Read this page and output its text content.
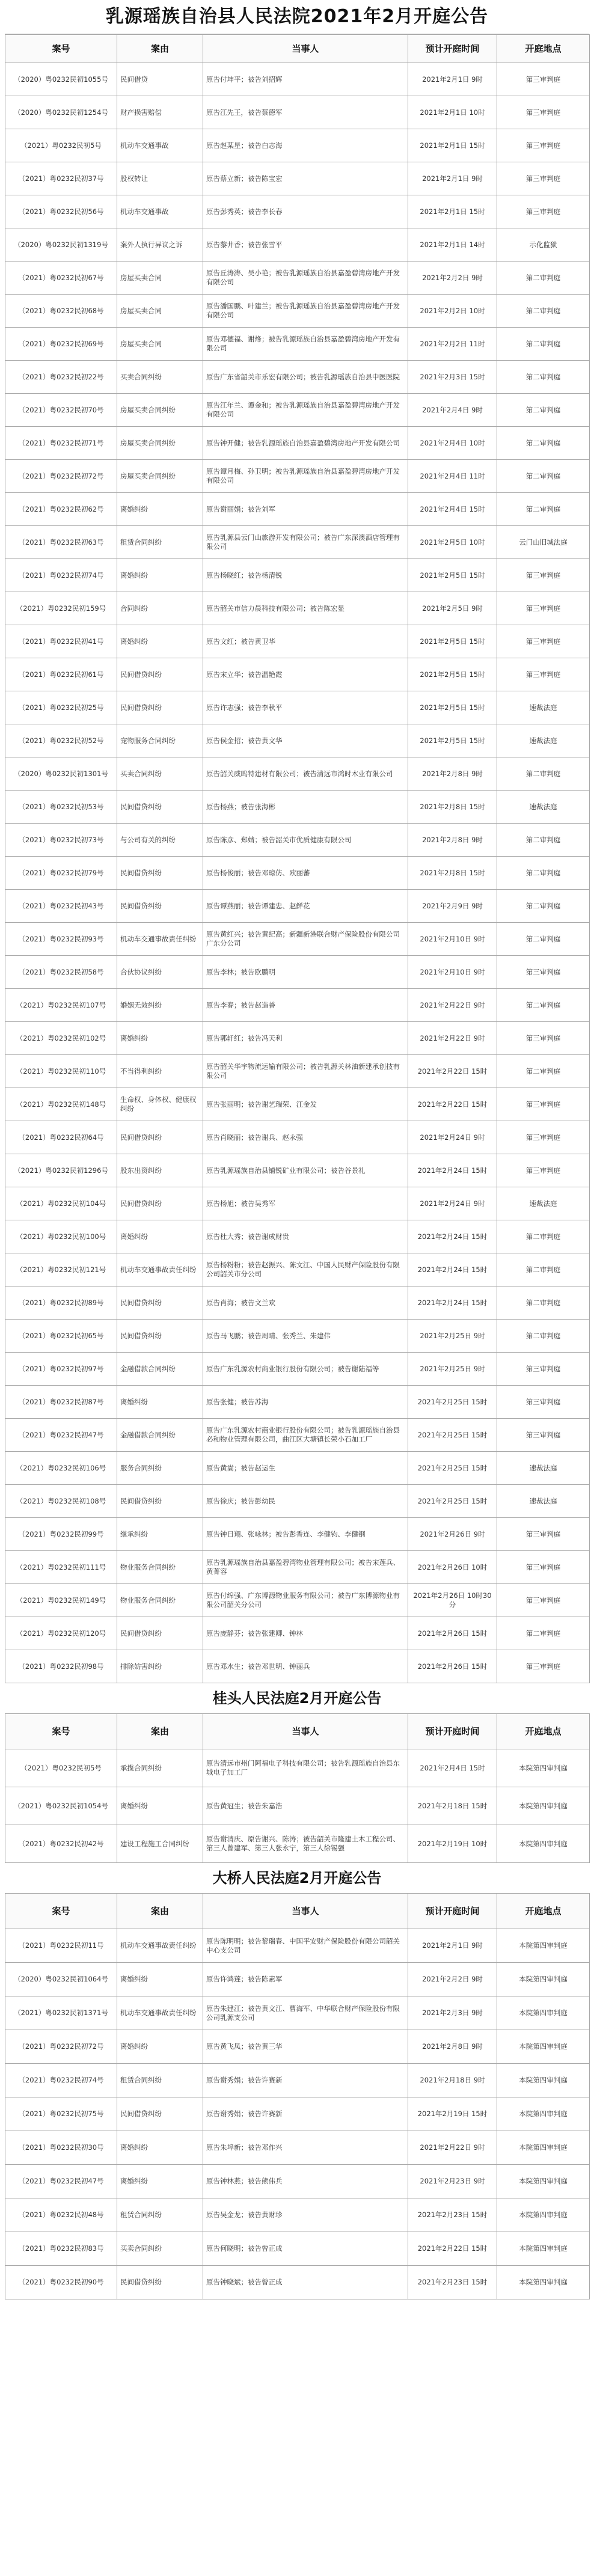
乳源瑶族自治县人民法院2021年2月开庭公告
案号	案由	当事人	预计开庭时间	开庭地点
（2020）粤0232民初1055号	民间借贷	原告付坤平；被告刘招辉	2021年2月1日 9时	第三审判庭
（2020）粤0232民初1254号	财产损害赔偿	原告江先王，被告蔡德军	2021年2月1日 10时	第三审判庭
（2021）粤0232民初5号	机动车交通事故	原告赵某星；被告白志海	2021年2月1日 15时	第三审判庭
（2021）粤0232民初37号	股权转让	原告蔡立新；被告陈宝宏	2021年2月1日 9时	第三审判庭
（2021）粤0232民初56号	机动车交通事故	原告彭秀英；被告李长春	2021年2月1日 15时	第三审判庭
（2020）粤0232民初1319号	案外人执行异议之诉	原告黎井香；被告张雪平	2021年2月1日 14时	示化监狱
（2021）粤0232民初67号	房屋买卖合同	原告丘涛涛、吴小艳；被告乳源瑶族自治县嘉盈碧湾房地产开发有限公司	2021年2月2日 9时	第二审判庭
（2021）粤0232民初68号	房屋买卖合同	原告潘国鹏、叶建兰；被告乳源瑶族自治县嘉盈碧湾房地产开发有限公司	2021年2月2日 10时	第二审判庭
（2021）粤0232民初69号	房屋买卖合同	原告邓德福、谢烽；被告乳源瑶族自治县嘉盈碧湾房地产开发有限公司	2021年2月2日 11时	第二审判庭
（2021）粤0232民初22号	买卖合同纠纷	原告广东省韶关市乐宏有限公司；被告乳源瑶族自治县中医医院	2021年2月3日 15时	第二审判庭
（2021）粤0232民初70号	房屋买卖合同纠纷	原告江年兰、谭金和；被告乳源瑶族自治县嘉盈碧湾房地产开发有限公司	2021年2月4日 9时	第二审判庭
（2021）粤0232民初71号	房屋买卖合同纠纷	原告钟开健；被告乳源瑶族自治县嘉盈碧湾房地产开发有限公司	2021年2月4日 10时	第二审判庭
（2021）粤0232民初72号	房屋买卖合同纠纷	原告谭月梅、孙卫明；被告乳源瑶族自治县嘉盈碧湾房地产开发有限公司	2021年2月4日 11时	第二审判庭
（2021）粤0232民初62号	离婚纠纷	原告谢丽娟；被告刘军	2021年2月4日 15时	第二审判庭
（2021）粤0232民初63号	租赁合同纠纷	原告乳源县云门山旅游开发有限公司；被告广东深澳酒店管理有限公司	2021年2月5日 10时	云门山旧城法庭
（2021）粤0232民初74号	离婚纠纷	原告杨晓红；被告杨清锐	2021年2月5日 15时	第三审判庭
（2021）粤0232民初159号	合同纠纷	原告韶关市信力晨科技有限公司；被告陈宏显	2021年2月5日 9时	第三审判庭
（2021）粤0232民初41号	离婚纠纷	原告文红；被告黄卫华	2021年2月5日 15时	第三审判庭
（2021）粤0232民初61号	民间借贷纠纷	原告宋立华；被告温艳霞	2021年2月5日 15时	第三审判庭
（2021）粤0232民初25号	民间借贷纠纷	原告许志强；被告李秋平	2021年2月5日 15时	速裁法庭
（2021）粤0232民初52号	宠物服务合同纠纷	原告侯金招；被告黄文华	2021年2月5日 15时	速裁法庭
（2020）粤0232民初1301号	买卖合同纠纷	原告韶关威呜特建材有限公司；被告清远市鸿时木业有限公司	2021年2月8日 9时	第二审判庭
（2021）粤0232民初53号	民间借贷纠纷	原告杨燕；被告张海彬	2021年2月8日 15时	速裁法庭
（2021）粤0232民初73号	与公司有关的纠纷	原告陈彦、郑婧；被告韶关市优质健康有限公司	2021年2月8日 9时	第二审判庭
（2021）粤0232民初79号	民间借贷纠纷	原告杨俊丽；被告邓琼仿、欧丽蕃	2021年2月8日 15时	第二审判庭
（2021）粤0232民初43号	民间借贷纠纷	原告谭燕丽；被告谭建忠、赵鲜花	2021年2月9日 9时	第二审判庭
（2021）粤0232民初93号	机动车交通事故责任纠纷	原告黄红兴；被告黄纪高；新疆新港联合财产保险股份有限公司广东分公司	2021年2月10日 9时	第二审判庭
（2021）粤0232民初58号	合伙协议纠纷	原告李林；被告欧鹏明	2021年2月10日 9时	第三审判庭
（2021）粤0232民初107号	婚姻无效纠纷	原告李春；被告赵造善	2021年2月22日 9时	第二审判庭
（2021）粤0232民初102号	离婚纠纷	原告郭轩红；被告冯天利	2021年2月22日 9时	第三审判庭
（2021）粤0232民初110号	不当得利纠纷	原告韶关华宇物流运输有限公司；被告乳源关林油新建承创技有限公司	2021年2月22日 15时	第二审判庭
（2021）粤0232民初148号	生命权、身体权、健康权纠纷	原告张丽明；被告谢艺瑞荣、江金发	2021年2月22日 15时	第三审判庭
（2021）粤0232民初64号	民间借贷纠纷	原告肖晓丽；被告谢兵、赵永强	2021年2月24日 9时	第三审判庭
（2021）粤0232民初1296号	股东出资纠纷	原告乳源瑶族自治县铺锐矿业有限公司；被告谷景礼	2021年2月24日 15时	第三审判庭
（2021）粤0232民初104号	民间借贷纠纷	原告杨旭；被告吴秀军	2021年2月24日 9时	速裁法庭
（2021）粤0232民初100号	离婚纠纷	原告杜大秀；被告谢成财贵	2021年2月24日 15时	第二审判庭
（2021）粤0232民初121号	机动车交通事故责任纠纷	原告杨粉粉；被告赵振兴、陈文江、中国人民财产保险股份有限公司韶关市分公司	2021年2月24日 15时	第二审判庭
（2021）粤0232民初89号	民间借贷纠纷	原告肖海；被告文兰欢	2021年2月24日 15时	第二审判庭
（2021）粤0232民初65号	民间借贷纠纷	原告马飞鹏；被告周晴、张秀兰、朱建伟	2021年2月25日 9时	第二审判庭
（2021）粤0232民初97号	金融借款合同纠纷	原告广东乳源农村商业银行股份有限公司；被告谢陆福等	2021年2月25日 9时	第三审判庭
（2021）粤0232民初87号	离婚纠纷	原告张健；被告苏海	2021年2月25日 15时	第三审判庭
（2021）粤0232民初47号	金融借款合同纠纷	原告广东乳源农村商业银行股份有限公司；被告乳源瑶族自治县必和物业管理有限公司，曲江区大塘镇长荣小石加工厂	2021年2月25日 15时	第三审判庭
（2021）粤0232民初106号	服务合同纠纷	原告黄嵩；被告赵运生	2021年2月25日 15时	速裁法庭
（2021）粤0232民初108号	民间借贷纠纷	原告徐庆；被告彭幼民	2021年2月25日 15时	速裁法庭
（2021）粤0232民初99号	继承纠纷	原告钟日翔、张咏林；被告彭香连、李健钧、李健钢	2021年2月26日 9时	第三审判庭
（2021）粤0232民初111号	物业服务合同纠纷	原告乳源瑶族自治县嘉盈碧湾物业管理有限公司；被告宋莲兵、黄菁容	2021年2月26日 10时	第三审判庭
（2021）粤0232民初149号	物业服务合同纠纷	原告付绵强、广东博源物业服务有限公司；被告广东博源物业有限公司韶关分公司	2021年2月26日 10时30分	第三审判庭
（2021）粤0232民初120号	民间借贷纠纷	原告庞静芬；被告张建卿、钟林	2021年2月26日 15时	第二审判庭
（2021）粤0232民初98号	排除妨害纠纷	原告邓水生；被告邓世明、钟丽兵	2021年2月26日 15时	第三审判庭
桂头人民法庭2月开庭公告
案号	案由	当事人	预计开庭时间	开庭地点
（2021）粤0232民初5号	承揽合同纠纷	原告清远市州门阿福电子科技有限公司；被告乳源瑶族自治县东城电子加工厂	2021年2月4日 15时	本院第四审判庭
（2021）粤0232民初1054号	离婚纠纷	原告黄冠生；被告朱嘉浩	2021年2月18日 15时	本院第四审判庭
（2021）粤0232民初42号	建设工程施工合同纠纷	原告谢清庆、原告谢兴、陈涛；被告韶关市隆建土木工程公司、第三人曾建军、第三人张永宁，第三人徐锡强	2021年2月19日 10时	本院第四审判庭
大桥人民法庭2月开庭公告
案号	案由	当事人	预计开庭时间	开庭地点
（2021）粤0232民初11号	机动车交通事故责任纠纷	原告陈明明；被告黎瑞春、中国平安财产保险股份有限公司韶关中心支公司	2021年2月1日 9时	本院第四审判庭
（2020）粤0232民初1064号	离婚纠纷	原告许鸿莲；被告陈素军	2021年2月2日 9时	本院第四审判庭
（2021）粤0232民初1371号	机动车交通事故责任纠纷	原告朱建江；被告黄文江、曹海军、中华联合财产保险股份有限公司乳源支公司	2021年2月3日 9时	本院第四审判庭
（2021）粤0232民初72号	离婚纠纷	原告黄飞凤；被告黄三华	2021年2月8日 9时	本院第四审判庭
（2021）粤0232民初74号	租赁合同纠纷	原告谢秀娟；被告许赛新	2021年2月18日 9时	本院第四审判庭
（2021）粤0232民初75号	民间借贷纠纷	原告谢秀娟；被告许赛新	2021年2月19日 15时	本院第四审判庭
（2021）粤0232民初30号	离婚纠纷	原告朱埠新；被告邓作兴	2021年2月22日 9时	本院第四审判庭
（2021）粤0232民初47号	离婚纠纷	原告钟林燕；被告熊伟兵	2021年2月23日 9时	本院第四审判庭
（2021）粤0232民初48号	租赁合同纠纷	原告吴金龙；被告黄财珍	2021年2月23日 15时	本院第四审判庭
（2021）粤0232民初83号	买卖合同纠纷	原告何晓明；被告曾正成	2021年2月22日 15时	本院第四审判庭
（2021）粤0232民初90号	民间借贷纠纷	原告钟晓斌；被告曾正成	2021年2月23日 15时	本院第四审判庭
